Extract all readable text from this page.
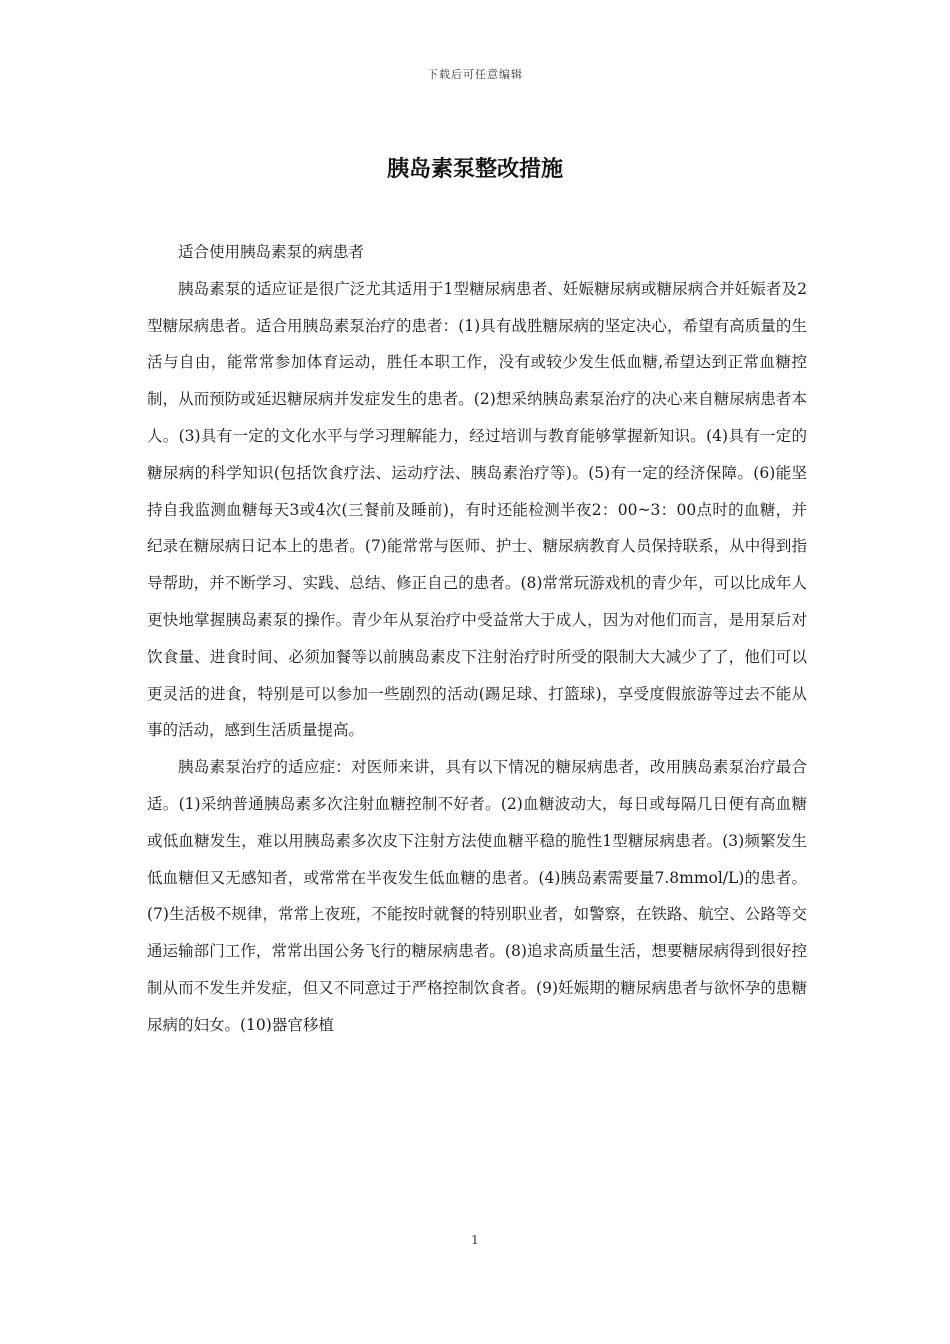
下载后可任意编辑
胰岛素泵整改措施

适合使用胰岛素泵的病患者

胰岛素泵的适应证是很广泛尤其适用于1型糖尿病患者、妊娠糖尿病或糖尿病合并妊娠者及2型糖尿病患者。适合用胰岛素泵治疗的患者：(1)具有战胜糖尿病的坚定决心，希望有高质量的生活与自由，能常常参加体育运动，胜任本职工作，没有或较少发生低血糖,希望达到正常血糖控制，从而预防或延迟糖尿病并发症发生的患者。(2)想采纳胰岛素泵治疗的决心来自糖尿病患者本人。(3)具有一定的文化水平与学习理解能力，经过培训与教育能够掌握新知识。(4)具有一定的糖尿病的科学知识(包括饮食疗法、运动疗法、胰岛素治疗等)。(5)有一定的经济保障。(6)能坚持自我监测血糖每天3或4次(三餐前及睡前)，有时还能检测半夜2：00~3：00点时的血糖，并纪录在糖尿病日记本上的患者。(7)能常常与医师、护士、糖尿病教育人员保持联系，从中得到指导帮助，并不断学习、实践、总结、修正自己的患者。(8)常常玩游戏机的青少年，可以比成年人更快地掌握胰岛素泵的操作。青少年从泵治疗中受益常大于成人，因为对他们而言，是用泵后对饮食量、进食时间、必须加餐等以前胰岛素皮下注射治疗时所受的限制大大减少了了，他们可以更灵活的进食，特别是可以参加一些剧烈的活动(踢足球、打篮球)，享受度假旅游等过去不能从事的活动，感到生活质量提高。

胰岛素泵治疗的适应症：对医师来讲，具有以下情况的糖尿病患者，改用胰岛素泵治疗最合适。(1)采纳普通胰岛素多次注射血糖控制不好者。(2)血糖波动大，每日或每隔几日便有高血糖或低血糖发生，难以用胰岛素多次皮下注射方法使血糖平稳的脆性1型糖尿病患者。(3)频繁发生低血糖但又无感知者，或常常在半夜发生低血糖的患者。(4)胰岛素需要量7.8mmol/L)的患者。(7)生活极不规律，常常上夜班，不能按时就餐的特别职业者，如警察，在铁路、航空、公路等交通运输部门工作，常常出国公务飞行的糖尿病患者。(8)追求高质量生活，想要糖尿病得到很好控制从而不发生并发症，但又不同意过于严格控制饮食者。(9)妊娠期的糖尿病患者与欲怀孕的患糖尿病的妇女。(10)器官移植

1
